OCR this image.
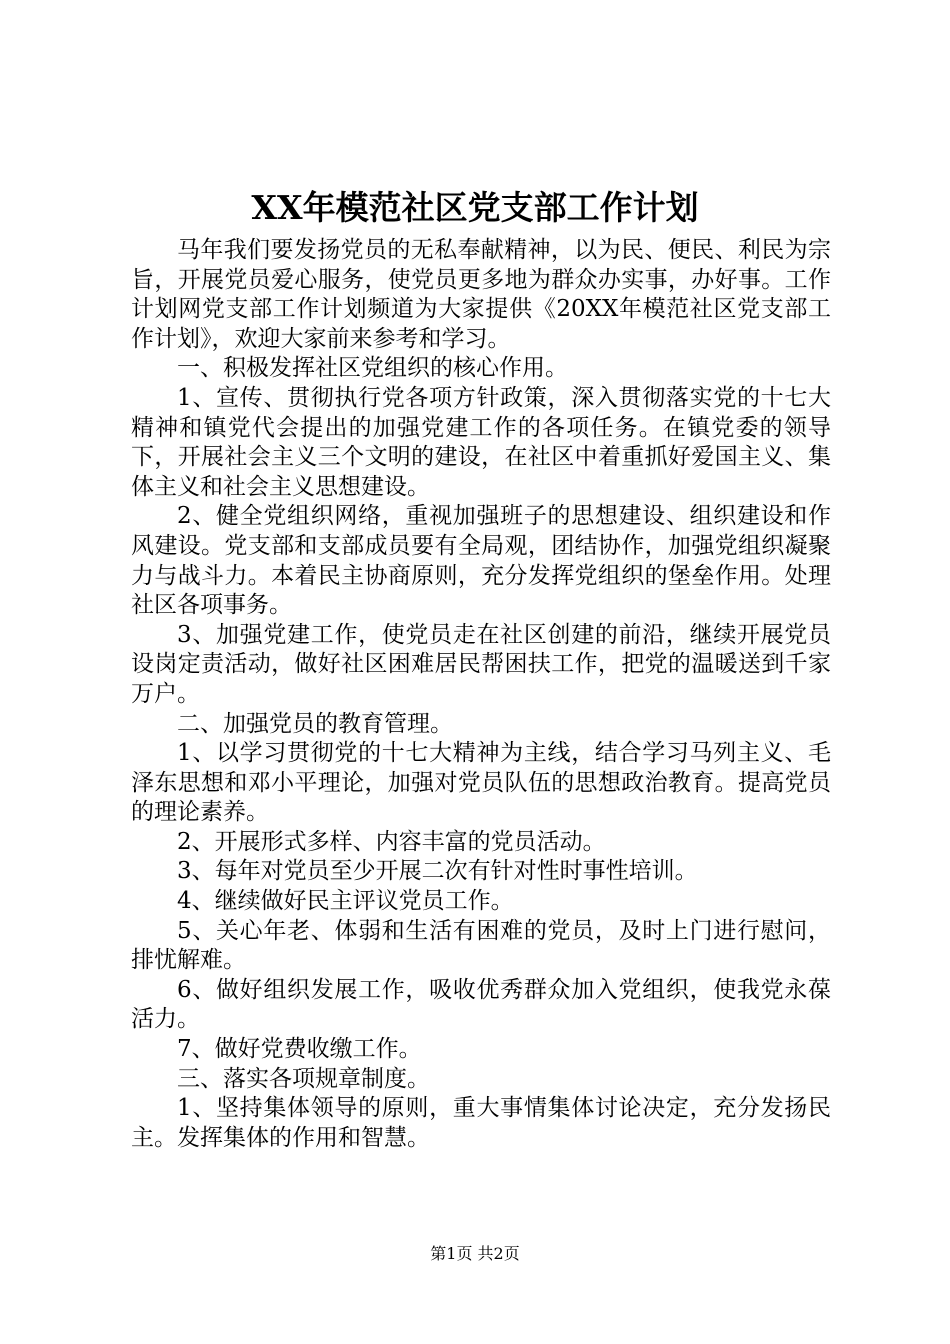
XX年模范社区党支部工作计划

马年我们要发扬党员的无私奉献精神，以为民、便民、利民为宗旨，开展党员爱心服务，使党员更多地为群众办实事，办好事。工作计划网党支部工作计划频道为大家提供《20XX年模范社区党支部工作计划》，欢迎大家前来参考和学习。

一、积极发挥社区党组织的核心作用。

1、宣传、贯彻执行党各项方针政策，深入贯彻落实党的十七大精神和镇党代会提出的加强党建工作的各项任务。在镇党委的领导下，开展社会主义三个文明的建设，在社区中着重抓好爱国主义、集体主义和社会主义思想建设。

2、健全党组织网络，重视加强班子的思想建设、组织建设和作风建设。党支部和支部成员要有全局观，团结协作，加强党组织凝聚力与战斗力。本着民主协商原则，充分发挥党组织的堡垒作用。处理社区各项事务。

3、加强党建工作，使党员走在社区创建的前沿，继续开展党员设岗定责活动，做好社区困难居民帮困扶工作，把党的温暖送到千家万户。

二、加强党员的教育管理。

1、以学习贯彻党的十七大精神为主线，结合学习马列主义、毛泽东思想和邓小平理论，加强对党员队伍的思想政治教育。提高党员的理论素养。

2、开展形式多样、内容丰富的党员活动。

3、每年对党员至少开展二次有针对性时事性培训。

4、继续做好民主评议党员工作。

5、关心年老、体弱和生活有困难的党员，及时上门进行慰问，排忧解难。

6、做好组织发展工作，吸收优秀群众加入党组织，使我党永葆活力。

7、做好党费收缴工作。

三、落实各项规章制度。

1、坚持集体领导的原则，重大事情集体讨论决定，充分发扬民主。发挥集体的作用和智慧。

第1页 共2页
